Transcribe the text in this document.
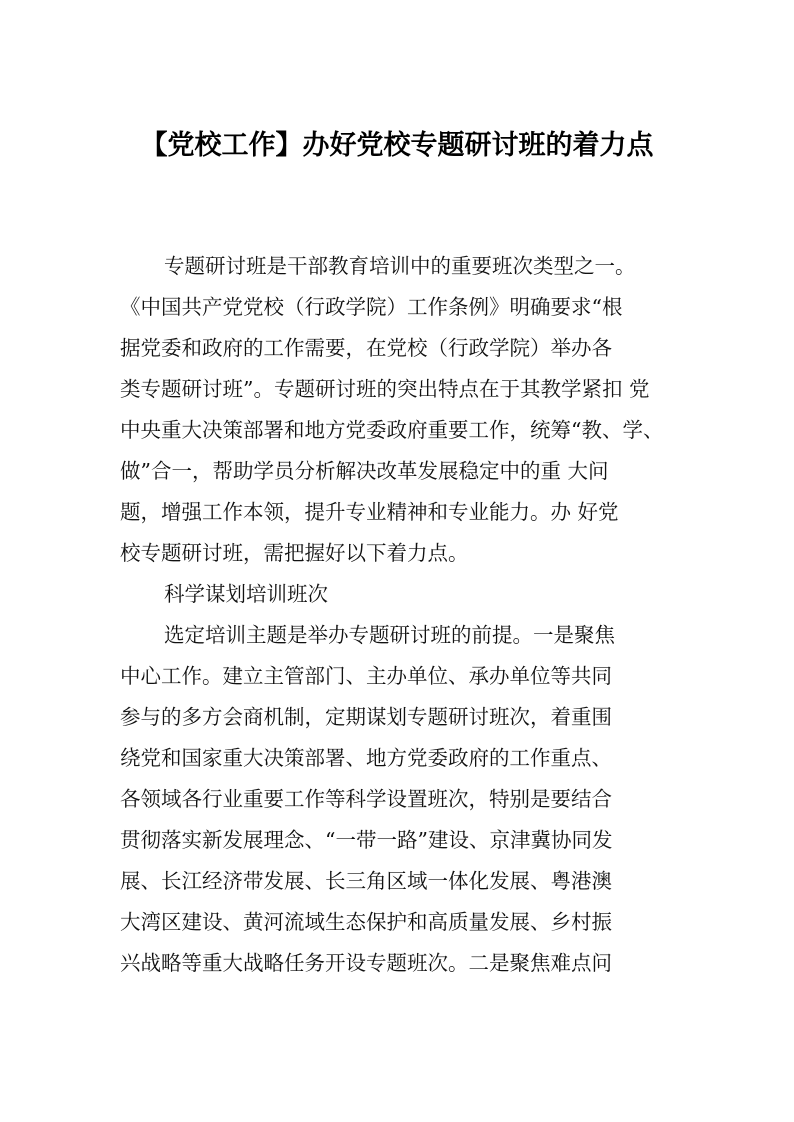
【党校工作】办好党校专题研讨班的着力点
专题研讨班是干部教育培训中的重要班次类型之一。
《中国共产党党校（行政学院）工作条例》明确要求“根
据党委和政府的工作需要，在党校（行政学院）举办各
类专题研讨班”。专题研讨班的突出特点在于其教学紧扣 党
中央重大决策部署和地方党委政府重要工作，统筹“教、学、
做”合一，帮助学员分析解决改革发展稳定中的重 大问
题，增强工作本领，提升专业精神和专业能力。办 好党
校专题研讨班，需把握好以下着力点。
科学谋划培训班次
选定培训主题是举办专题研讨班的前提。一是聚焦
中心工作。建立主管部门、主办单位、承办单位等共同
参与的多方会商机制，定期谋划专题研讨班次，着重围
绕党和国家重大决策部署、地方党委政府的工作重点、
各领域各行业重要工作等科学设置班次，特别是要结合
贯彻落实新发展理念、“一带一路”建设、京津冀协同发
展、长江经济带发展、长三角区域一体化发展、粤港澳
大湾区建设、黄河流域生态保护和高质量发展、乡村振
兴战略等重大战略任务开设专题班次。二是聚焦难点问
